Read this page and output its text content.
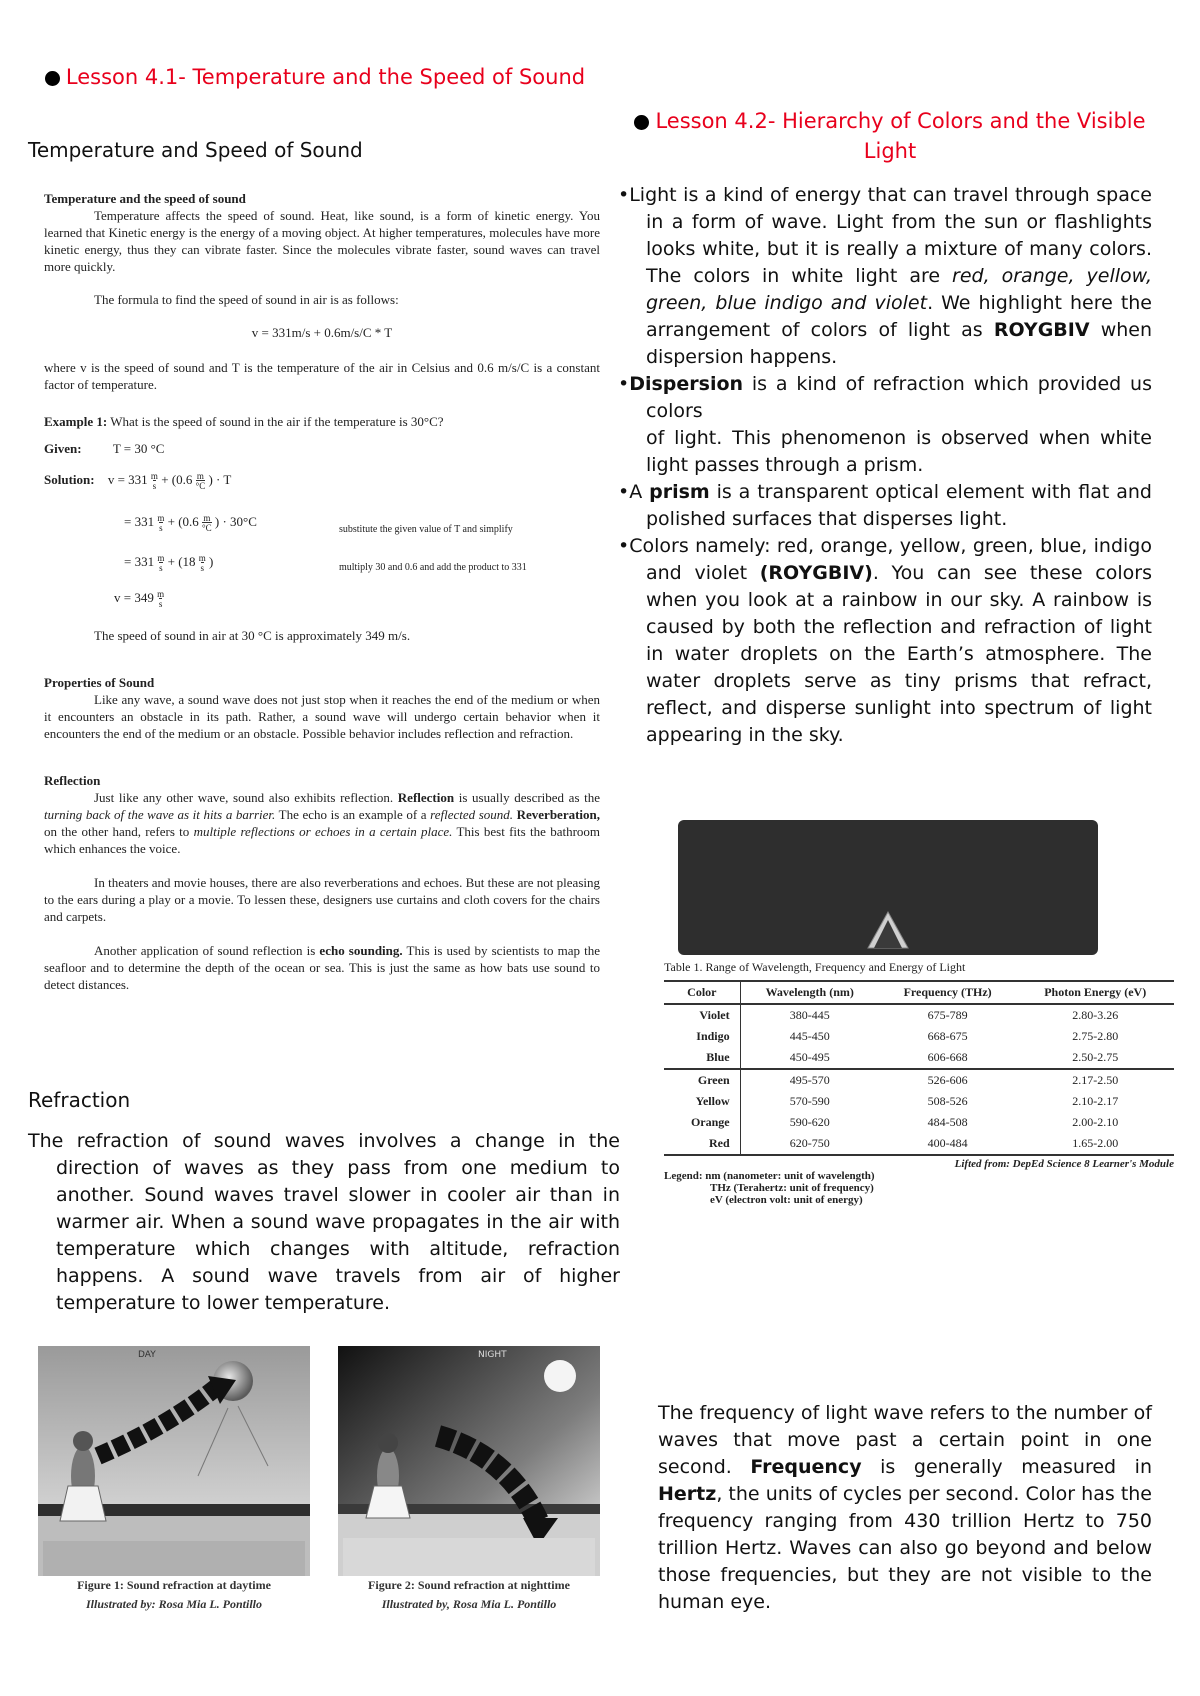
Lesson 4.1- Temperature and the Speed of Sound
Temperature and Speed of Sound

Temperature and the speed of sound

Temperature affects the speed of sound. Heat, like sound, is a form of kinetic energy. You learned that Kinetic energy is the energy of a moving object. At higher temperatures, molecules have more kinetic energy, thus they can vibrate faster. Since the molecules vibrate faster, sound waves can travel more quickly.

The formula to find the speed of sound in air is as follows:

v = 331m/s + 0.6m/s/C * T

where v is the speed of sound and T is the temperature of the air in Celsius and 0.6 m/s/C is a constant factor of temperature.

Example 1: What is the speed of sound in the air if the temperature is 30°C?

Given: T = 30 °C

Solution: $v = 331 \frac{m}{s} + (0.6 \frac{m}{^\circ C}$ ) · T
= $331 \frac{m}{s} + (0.6 \frac{m}{^\circ C}$ ) · 30°C
substitute the given value of T and simplify
= $331 \frac{m}{s} + (18 \frac{m}{s}$ )	multiply 30 and 0.6 and add the product to 331
$v = 349 \frac{m}{s}$

The speed of sound in air at 30 °C is approximately 349 m/s.

Properties of Sound

Like any wave, a sound wave does not just stop when it reaches the end of the medium or when it encounters an obstacle in its path. Rather, a sound wave will undergo certain behavior when it encounters the end of the medium or an obstacle. Possible behavior includes reflection and refraction.

Reflection

Just like any other wave, sound also exhibits reflection. Reflection is usually described as the turning back of the wave as it hits a barrier. The echo is an example of a reflected sound. Reverberation, on the other hand, refers to multiple reflections or echoes in a certain place. This best fits the bathroom which enhances the voice.

In theaters and movie houses, there are also reverberations and echoes. But these are not pleasing to the ears during a play or a movie. To lessen these, designers use curtains and cloth covers for the chairs and carpets.

Another application of sound reflection is echo sounding. This is used by scientists to map the seafloor and to determine the depth of the ocean or sea. This is just the same as how bats use sound to detect distances.

Refraction
The refraction of sound waves involves a change in the direction of waves as they pass from one medium to another. Sound waves travel slower in cooler air than in warmer air. When a sound wave propagates in the air with temperature which changes with altitude, refraction happens. A sound wave travels from air of higher temperature to lower temperature.
DAY
Figure 1: Sound refraction at daytime
Illustrated by: Rosa Mia L. Pontillo
NIGHT
Figure 2: Sound refraction at nighttime
Illustrated by, Rosa Mia L. Pontillo
Lesson 4.2- Hierarchy of Colors and the Visible Light
•Light is a kind of energy that can travel through space in a form of wave. Light from the sun or flashlights looks white, but it is really a mixture of many colors. The colors in white light are red, orange, yellow, green, blue indigo and violet. We highlight here the arrangement of colors of light as ROYGBIV when dispersion happens.
•Dispersion is a kind of refraction which provided us colors
of light. This phenomenon is observed when white light passes through a prism.
•A prism is a transparent optical element with flat and polished surfaces that disperses light.
•Colors namely: red, orange, yellow, green, blue, indigo and violet (ROYGBIV). You can see these colors when you look at a rainbow in our sky. A rainbow is caused by both the reflection and refraction of light in water droplets on the Earth’s atmosphere. The water droplets serve as tiny prisms that refract, reflect, and disperse sunlight into spectrum of light appearing in the sky.
Table 1. Range of Wavelength, Frequency and Energy of Light
Color	Wavelength (nm)	Frequency (THz)	Photon Energy (eV)
Violet	380-445	675-789	2.80-3.26
Indigo	445-450	668-675	2.75-2.80
Blue	450-495	606-668	2.50-2.75
Green	495-570	526-606	2.17-2.50
Yellow	570-590	508-526	2.10-2.17
Orange	590-620	484-508	2.00-2.10
Red	620-750	400-484	1.65-2.00
Lifted from: DepEd Science 8 Learner's Module
Legend: nm (nanometer: unit of wavelength)
THz (Terahertz: unit of frequency)
eV (electron volt: unit of energy)
The frequency of light wave refers to the number of waves that move past a certain point in one second. Frequency is generally measured in Hertz, the units of cycles per second. Color has the frequency ranging from 430 trillion Hertz to 750 trillion Hertz. Waves can also go beyond and below those frequencies, but they are not visible to the human eye.
